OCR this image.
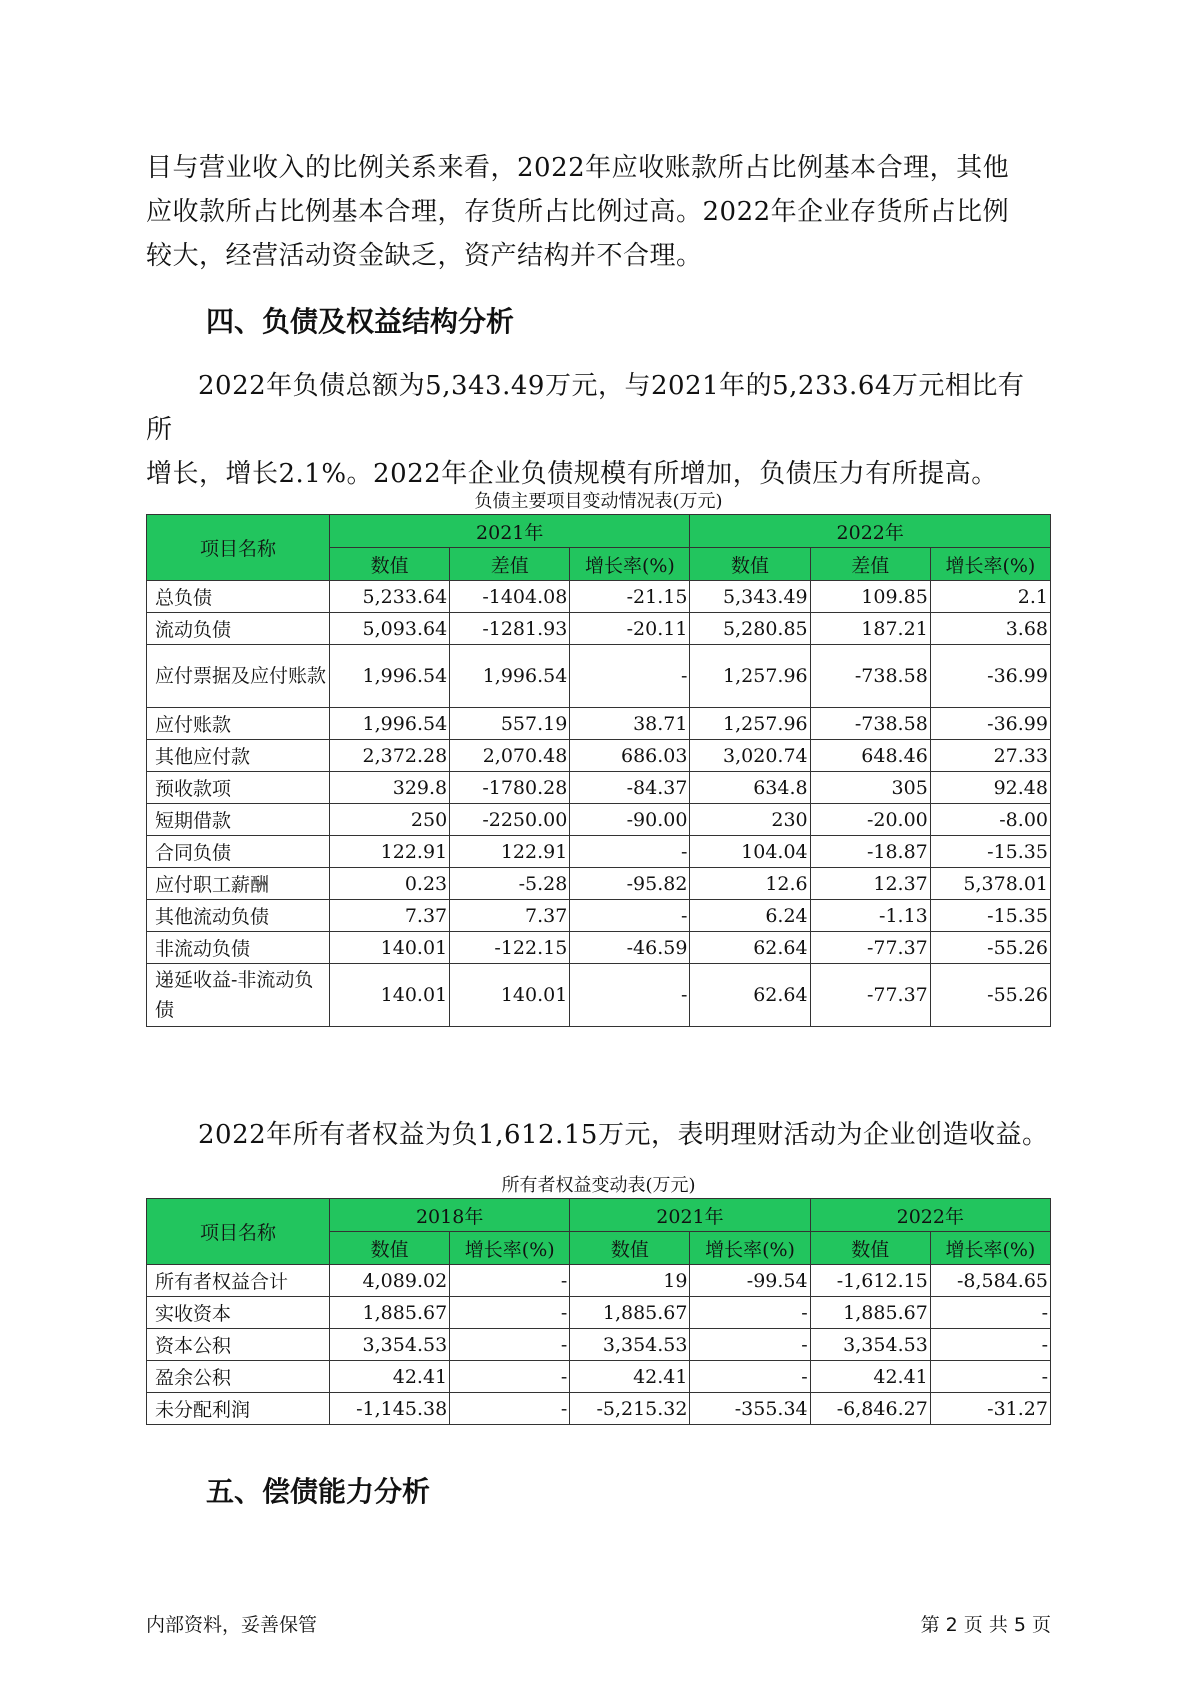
目与营业收入的比例关系来看，2022年应收账款所占比例基本合理，其他
应收款所占比例基本合理，存货所占比例过高。2022年企业存货所占比例
较大，经营活动资金缺乏，资产结构并不合理。

四、负债及权益结构分析

2022年负债总额为5,343.49万元，与2021年的5,233.64万元相比有所
增长，增长2.1%。2022年企业负债规模有所增加，负债压力有所提高。

负债主要项目变动情况表(万元)

项目名称	2021年			2022年		
	数值	差值	增长率(%)	数值	差值	增长率(%)
总负债	5,233.64	-1404.08	-21.15	5,343.49	109.85	2.1
流动负债	5,093.64	-1281.93	-20.11	5,280.85	187.21	3.68
应付票据及应付账款	1,996.54	1,996.54	-	1,257.96	-738.58	-36.99
应付账款	1,996.54	557.19	38.71	1,257.96	-738.58	-36.99
其他应付款	2,372.28	2,070.48	686.03	3,020.74	648.46	27.33
预收款项	329.8	-1780.28	-84.37	634.8	305	92.48
短期借款	250	-2250.00	-90.00	230	-20.00	-8.00
合同负债	122.91	122.91	-	104.04	-18.87	-15.35
应付职工薪酬	0.23	-5.28	-95.82	12.6	12.37	5,378.01
其他流动负债	7.37	7.37	-	6.24	-1.13	-15.35
非流动负债	140.01	-122.15	-46.59	62.64	-77.37	-55.26
递延收益-非流动负债	140.01	140.01	-	62.64	-77.37	-55.26

2022年所有者权益为负1,612.15万元，表明理财活动为企业创造收益。

所有者权益变动表(万元)

项目名称	2018年		2021年		2022年	
	数值	增长率(%)	数值	增长率(%)	数值	增长率(%)
所有者权益合计	4,089.02	-	19	-99.54	-1,612.15	-8,584.65
实收资本	1,885.67	-	1,885.67	-	1,885.67	-
资本公积	3,354.53	-	3,354.53	-	3,354.53	-
盈余公积	42.41	-	42.41	-	42.41	-
未分配利润	-1,145.38	-	-5,215.32	-355.34	-6,846.27	-31.27
五、偿债能力分析

内部资料，妥善保管	第 2 页 共 5 页
